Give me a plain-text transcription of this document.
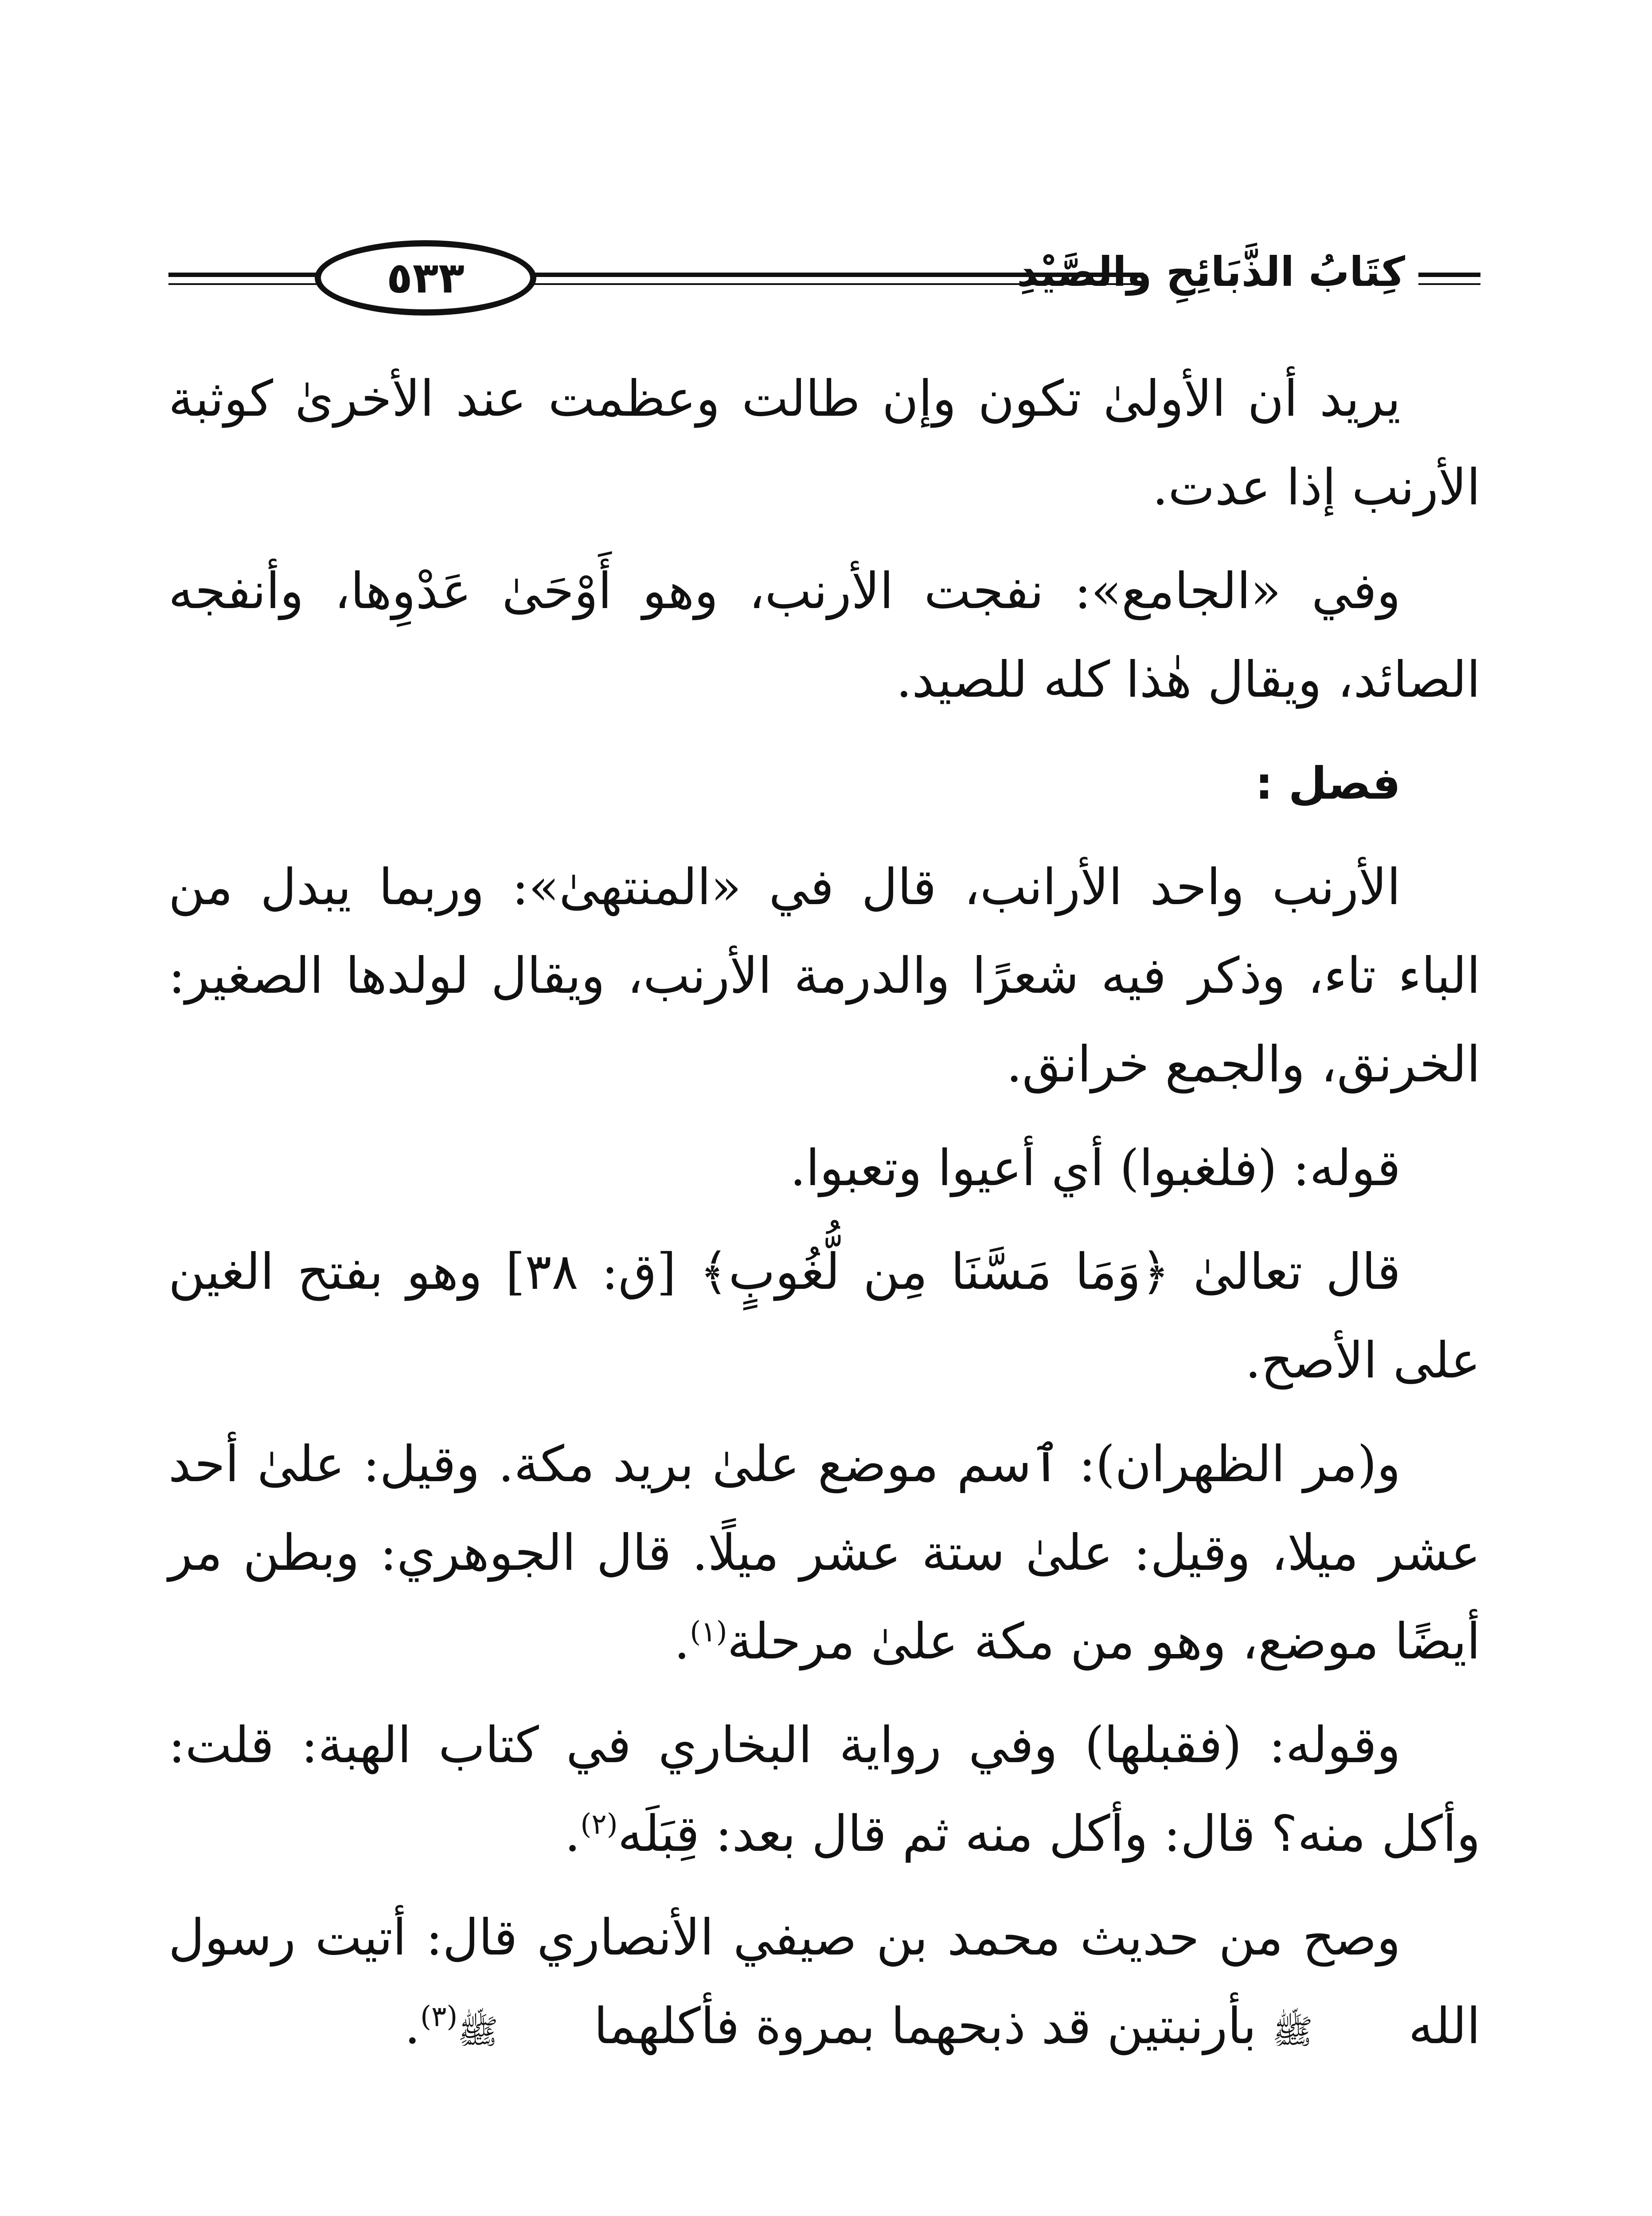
٥٣٣	كِتَابُ الذَّبَائِحِ والصَّيْدِ

يريد أن الأولىٰ تكون وإن طالت وعظمت عند الأخرىٰ كوثبة الأرنب إذا عدت.

وفي «الجامع»: نفجت الأرنب، وهو أَوْحَىٰ عَدْوِها، وأنفجه الصائد، ويقال هٰذا كله للصيد.

فصل :

الأرنب واحد الأرانب، قال في «المنتهىٰ»: وربما يبدل من الباء تاء، وذكر فيه شعرًا والدرمة الأرنب، ويقال لولدها الصغير: الخرنق، والجمع خرانق.

قوله: (فلغبوا) أي أعيوا وتعبوا.

قال تعالىٰ ﴿وَمَا مَسَّنَا مِن لُّغُوبٍ﴾ [ق: ٣٨] وهو بفتح الغين على الأصح.

و(مر الظهران): ٱسم موضع علىٰ بريد مكة. وقيل: علىٰ أحد عشر ميلا، وقيل: علىٰ ستة عشر ميلًا. قال الجوهري: وبطن مر أيضًا موضع، وهو من مكة علىٰ مرحلة$^{(١)}$.

وقوله: (فقبلها) وفي رواية البخاري في كتاب الهبة: قلت: وأكل منه؟ قال: وأكل منه ثم قال بعد: قِبَلَه$^{(٢)}$.

وصح من حديث محمد بن صيفي الأنصاري قال: أتيت رسول الله ﷺ بأرنبتين قد ذبحهما بمروة فأكلهما ﷺ$^{(٣)}$.
